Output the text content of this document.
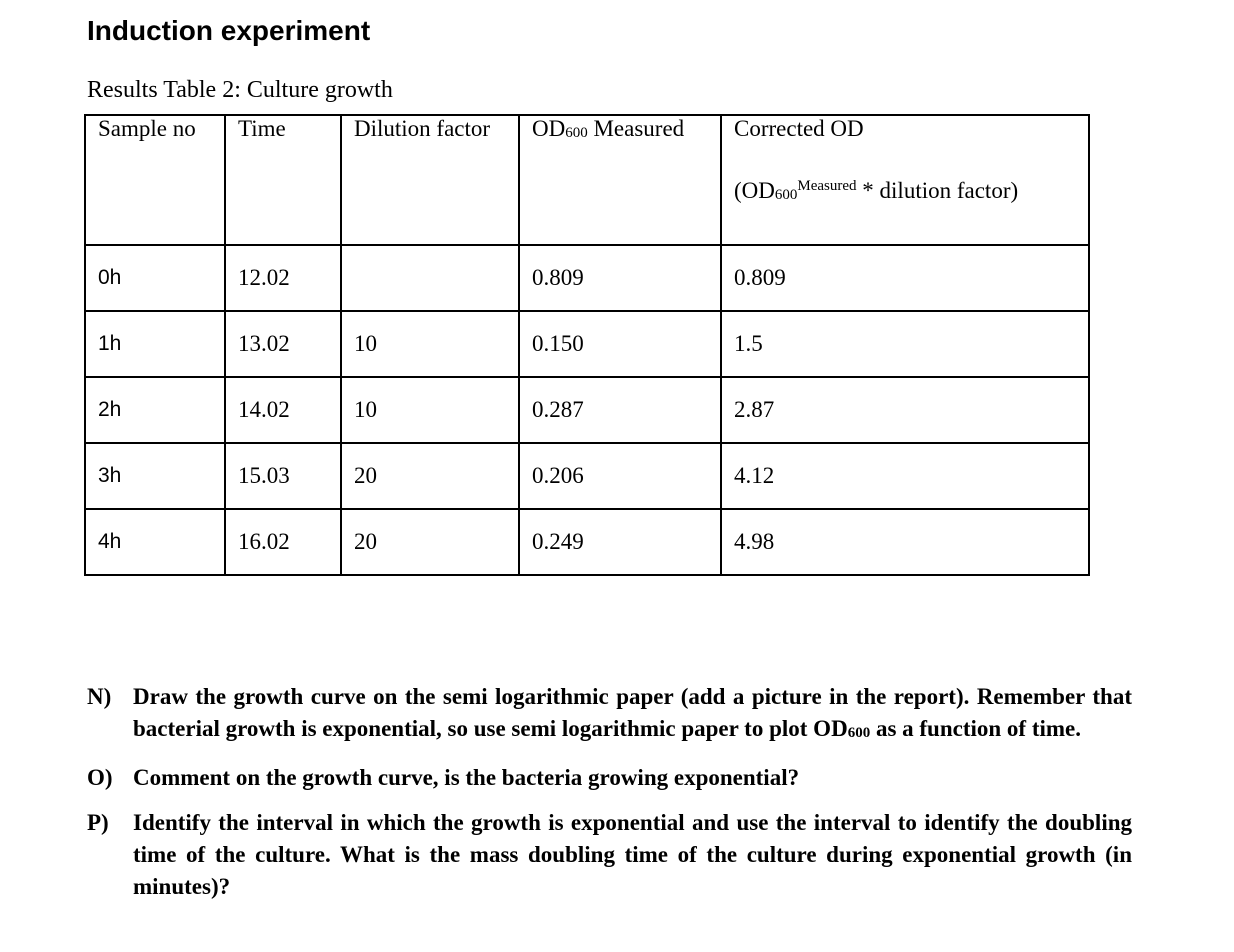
Induction experiment
Results Table 2: Culture growth
Sample no	Time	Dilution factor	$OD_{600}$ Measured	Corrected OD
($OD_{600}^{Measured}$ * dilution factor)

0h	12.02		0.809	0.809
1h	13.02	10	0.150	1.5
2h	14.02	10	0.287	2.87
3h	15.03	20	0.206	4.12
4h	16.02	20	0.249	4.98
N) Draw the growth curve on the semi logarithmic paper (add a picture in the report). Remember that bacterial growth is exponential, so use semi logarithmic paper to plot $OD_{600}$ as a function of time.
O) Comment on the growth curve, is the bacteria growing exponential?
P)	Identify the interval in which the growth is exponential and use the interval to identify the doubling time of the culture. What is the mass doubling time of the culture during exponential growth (in minutes)?
